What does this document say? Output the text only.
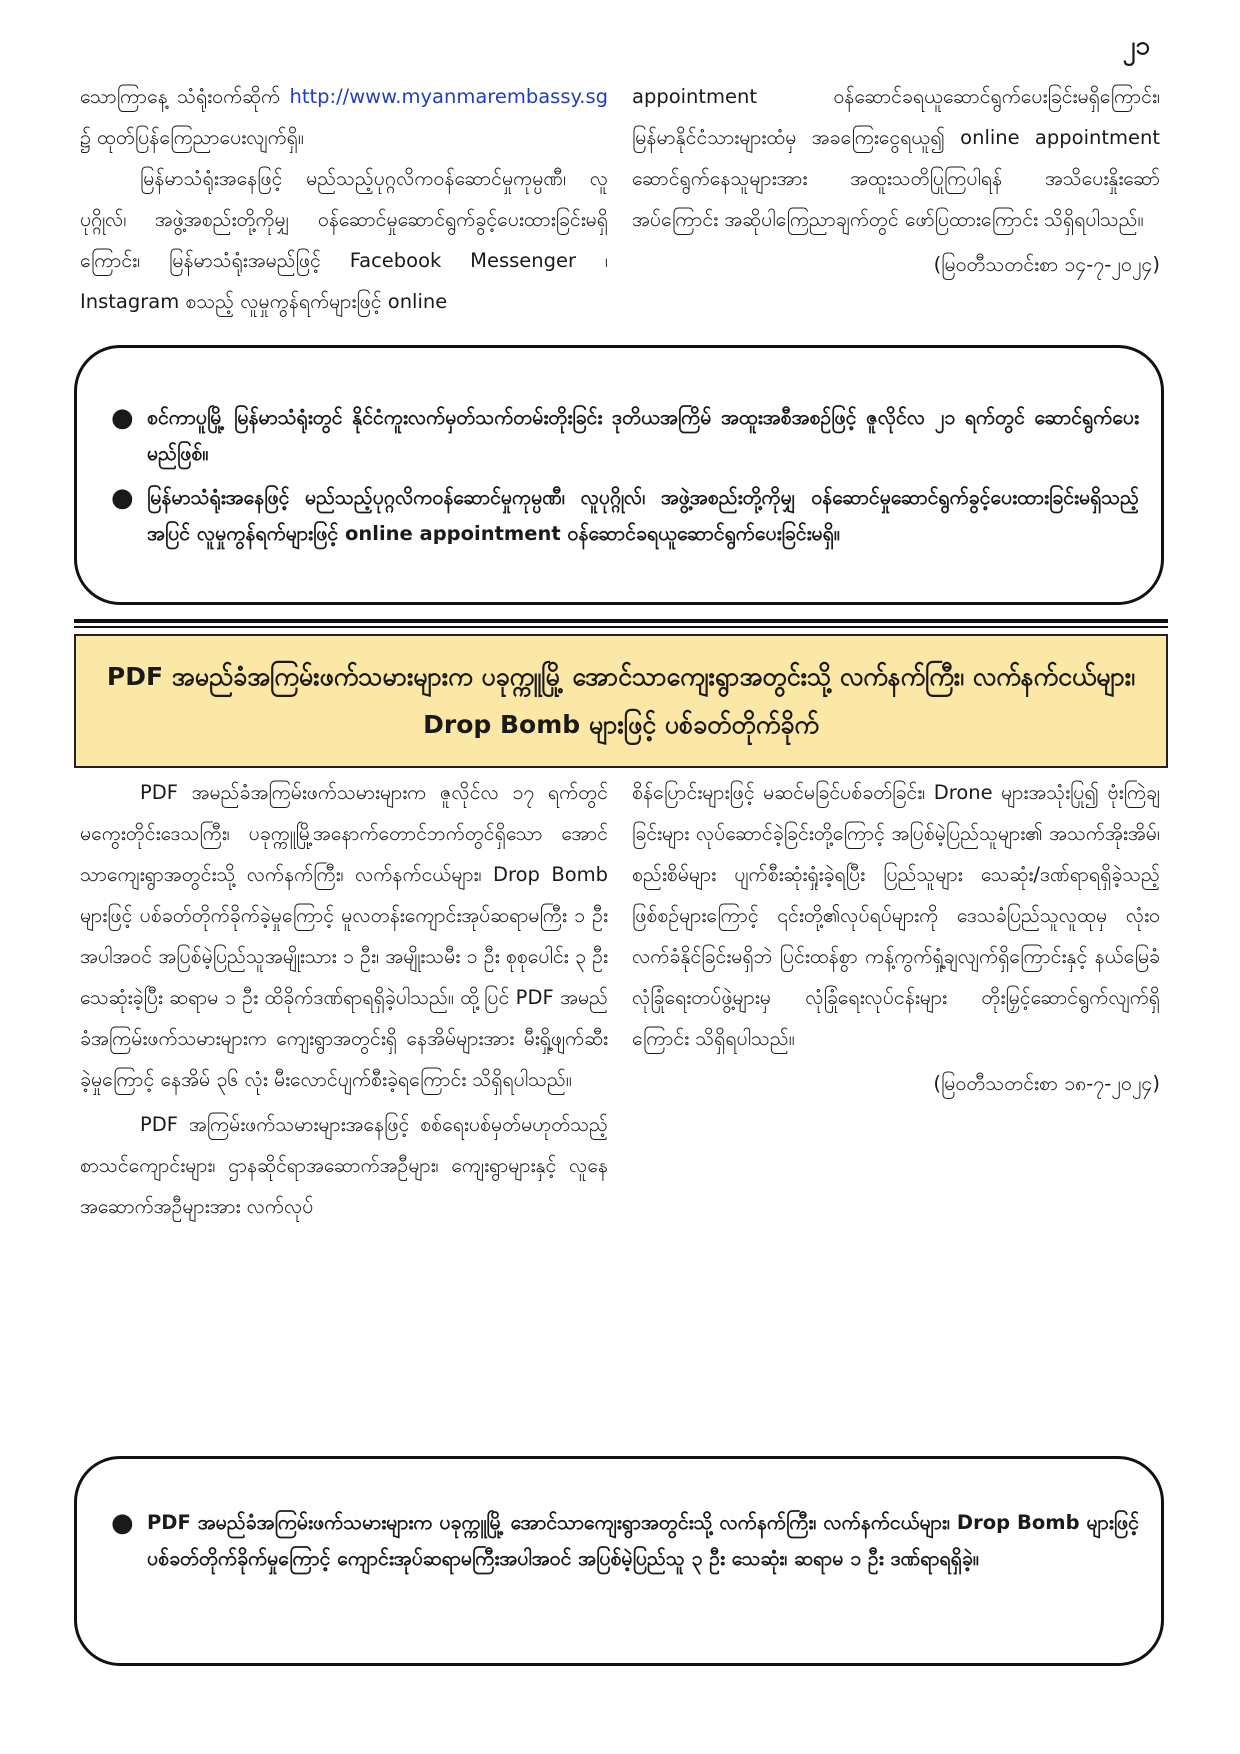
၂၁

သောကြာနေ့ သံရုံးဝက်ဆိုက် http://www.myanmarembassy.sg ၌ ထုတ်ပြန်ကြေညာပေးလျက်ရှိ။

မြန်မာသံရုံးအနေဖြင့် မည်သည့်ပုဂ္ဂလိကဝန်ဆောင်မှုကုမ္ပဏီ၊ လူပုဂ္ဂိုလ်၊ အဖွဲ့အစည်းတို့ကိုမျှ ဝန်ဆောင်မှုဆောင်ရွက်ခွင့်ပေးထားခြင်းမရှိကြောင်း၊ မြန်မာသံရုံးအမည်ဖြင့် Facebook Messenger ၊ Instagram စသည့် လူမှုကွန်ရက်များဖြင့် online

appointment ဝန်ဆောင်ခရယူဆောင်ရွက်ပေးခြင်းမရှိကြောင်း၊ မြန်မာနိုင်ငံသားများထံမှ အခကြေးငွေရယူ၍ online appointment ဆောင်ရွက်နေသူများအား အထူးသတိပြုကြပါရန် အသိပေးနှိုးဆော်အပ်ကြောင်း အဆိုပါကြေညာချက်တွင် ဖော်ပြထားကြောင်း သိရှိရပါသည်။

(မြဝတီသတင်းစာ ၁၄-၇-၂၀၂၄)

● စင်ကာပူမြို့ မြန်မာသံရုံးတွင် နိုင်ငံကူးလက်မှတ်သက်တမ်းတိုးခြင်း ဒုတိယအကြိမ် အထူးအစီအစဉ်ဖြင့် ဇူလိုင်လ ၂၁ ရက်တွင် ဆောင်ရွက်ပေးမည်ဖြစ်။
● မြန်မာသံရုံးအနေဖြင့် မည်သည့်ပုဂ္ဂလိကဝန်ဆောင်မှုကုမ္ပဏီ၊ လူပုဂ္ဂိုလ်၊ အဖွဲ့အစည်းတို့ကိုမျှ ဝန်ဆောင်မှုဆောင်ရွက်ခွင့်ပေးထားခြင်းမရှိသည့်အပြင် လူမှုကွန်ရက်များဖြင့် online appointment ဝန်ဆောင်ခရယူဆောင်ရွက်ပေးခြင်းမရှိ။
PDF အမည်ခံအကြမ်းဖက်သမားများက ပခုက္ကူမြို့ အောင်သာကျေးရွာအတွင်းသို့ လက်နက်ကြီး၊ လက်နက်ငယ်များ၊ Drop Bomb များဖြင့် ပစ်ခတ်တိုက်ခိုက်

PDF အမည်ခံအကြမ်းဖက်သမားများက ဇူလိုင်လ ၁၇ ရက်တွင် မကွေးတိုင်းဒေသကြီး၊ ပခုက္ကူမြို့အနောက်တောင်ဘက်တွင်ရှိသော အောင်သာကျေးရွာအတွင်းသို့ လက်နက်ကြီး၊ လက်နက်ငယ်များ၊ Drop Bomb များဖြင့် ပစ်ခတ်တိုက်ခိုက်ခဲ့မှုကြောင့် မူလတန်းကျောင်းအုပ်ဆရာမကြီး ၁ ဦးအပါအဝင် အပြစ်မဲ့ပြည်သူအမျိုးသား ၁ ဦး၊ အမျိုးသမီး ၁ ဦး စုစုပေါင်း ၃ ဦး သေဆုံးခဲ့ပြီး ဆရာမ ၁ ဦး ထိခိုက်ဒဏ်ရာရရှိခဲ့ပါသည်။ ထို့ပြင် PDF အမည်ခံအကြမ်းဖက်သမားများက ကျေးရွာအတွင်းရှိ နေအိမ်များအား မီးရှို့ဖျက်ဆီးခဲ့မှုကြောင့် နေအိမ် ၃၆ လုံး မီးလောင်ပျက်စီးခဲ့ရကြောင်း သိရှိရပါသည်။

PDF အကြမ်းဖက်သမားများအနေဖြင့် စစ်ရေးပစ်မှတ်မဟုတ်သည့် စာသင်ကျောင်းများ၊ ဌာနဆိုင်ရာအဆောက်အဦများ၊ ကျေးရွာများနှင့် လူနေအဆောက်အဦများအား လက်လုပ်

စိန်ပြောင်းများဖြင့် မဆင်မခြင်ပစ်ခတ်ခြင်း၊ Drone များအသုံးပြု၍ ဗုံးကြဲချခြင်းများ လုပ်ဆောင်ခဲ့ခြင်းတို့ကြောင့် အပြစ်မဲ့ပြည်သူများ၏ အသက်အိုးအိမ်၊ စည်းစိမ်များ ပျက်စီးဆုံးရှုံးခဲ့ရပြီး ပြည်သူများ သေဆုံး/ဒဏ်ရာရရှိခဲ့သည့် ဖြစ်စဉ်များကြောင့် ၎င်းတို့၏လုပ်ရပ်များကို ဒေသခံပြည်သူလူထုမှ လုံးဝလက်ခံနိုင်ခြင်းမရှိဘဲ ပြင်းထန်စွာ ကန့်ကွက်ရှုံ့ချလျက်ရှိကြောင်းနှင့် နယ်မြေခံလုံခြုံရေးတပ်ဖွဲ့များမှ လုံခြုံရေးလုပ်ငန်းများ တိုးမြှင့်ဆောင်ရွက်လျက်ရှိကြောင်း သိရှိရပါသည်။

(မြဝတီသတင်းစာ ၁၈-၇-၂၀၂၄)

● PDF အမည်ခံအကြမ်းဖက်သမားများက ပခုက္ကူမြို့ အောင်သာကျေးရွာအတွင်းသို့ လက်နက်ကြီး၊ လက်နက်ငယ်များ၊ Drop Bomb များဖြင့် ပစ်ခတ်တိုက်ခိုက်မှုကြောင့် ကျောင်းအုပ်ဆရာမကြီးအပါအဝင် အပြစ်မဲ့ပြည်သူ ၃ ဦး သေဆုံး၊ ဆရာမ ၁ ဦး ဒဏ်ရာရရှိခဲ့။
